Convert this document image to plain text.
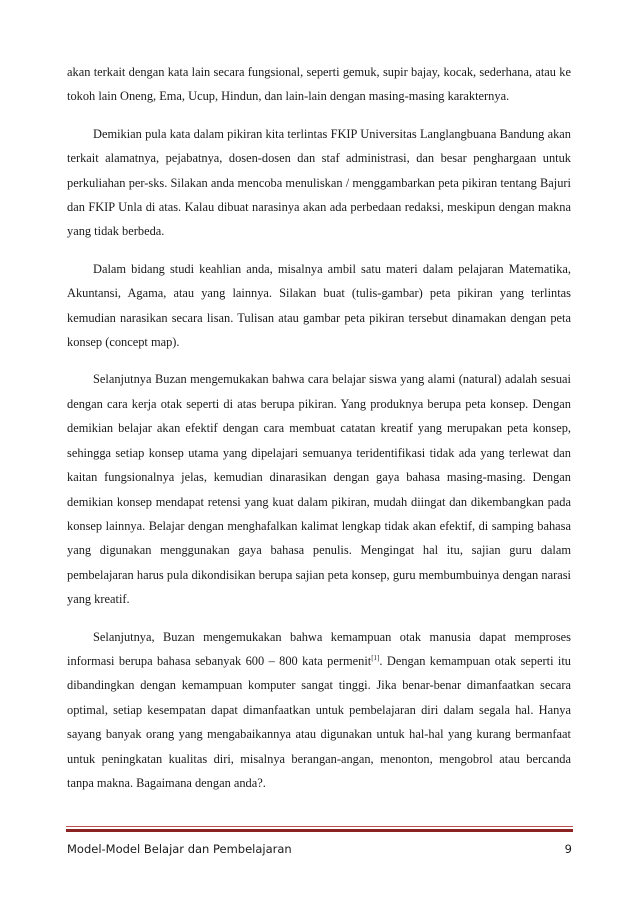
akan terkait dengan kata lain secara fungsional, seperti gemuk, supir bajay, kocak, sederhana, atau ke tokoh lain Oneng, Ema, Ucup, Hindun, dan lain-lain dengan masing-masing karakternya.

Demikian pula kata dalam pikiran kita terlintas FKIP Universitas Langlangbuana Bandung akan terkait alamatnya, pejabatnya, dosen-dosen dan staf administrasi, dan besar penghargaan untuk perkuliahan per-sks. Silakan anda mencoba menuliskan / menggambarkan peta pikiran tentang Bajuri dan FKIP Unla di atas. Kalau dibuat narasinya akan ada perbedaan redaksi, meskipun dengan makna yang tidak berbeda.

Dalam bidang studi keahlian anda, misalnya ambil satu materi dalam pelajaran Matematika, Akuntansi, Agama, atau yang lainnya. Silakan buat (tulis-gambar) peta pikiran yang terlintas kemudian narasikan secara lisan. Tulisan atau gambar peta pikiran tersebut dinamakan dengan peta konsep (concept map).

Selanjutnya Buzan mengemukakan bahwa cara belajar siswa yang alami (natural) adalah sesuai dengan cara kerja otak seperti di atas berupa pikiran. Yang produknya berupa peta konsep. Dengan demikian belajar akan efektif dengan cara membuat catatan kreatif yang merupakan peta konsep, sehingga setiap konsep utama yang dipelajari semuanya teridentifikasi tidak ada yang terlewat dan kaitan fungsionalnya jelas, kemudian dinarasikan dengan gaya bahasa masing-masing. Dengan demikian konsep mendapat retensi yang kuat dalam pikiran, mudah diingat dan dikembangkan pada konsep lainnya. Belajar dengan menghafalkan kalimat lengkap tidak akan efektif, di samping bahasa yang digunakan menggunakan gaya bahasa penulis. Mengingat hal itu, sajian guru dalam pembelajaran harus pula dikondisikan berupa sajian peta konsep, guru membumbuinya dengan narasi yang kreatif.

Selanjutnya, Buzan mengemukakan bahwa kemampuan otak manusia dapat memproses informasi berupa bahasa sebanyak 600 – 800 kata permenit[1]. Dengan kemampuan otak seperti itu dibandingkan dengan kemampuan komputer sangat tinggi. Jika benar-benar dimanfaatkan secara optimal, setiap kesempatan dapat dimanfaatkan untuk pembelajaran diri dalam segala hal. Hanya sayang banyak orang yang mengabaikannya atau digunakan untuk hal-hal yang kurang bermanfaat untuk peningkatan kualitas diri, misalnya berangan-angan, menonton, mengobrol atau bercanda tanpa makna. Bagaimana dengan anda?.

Model-Model Belajar dan Pembelajaran	9
